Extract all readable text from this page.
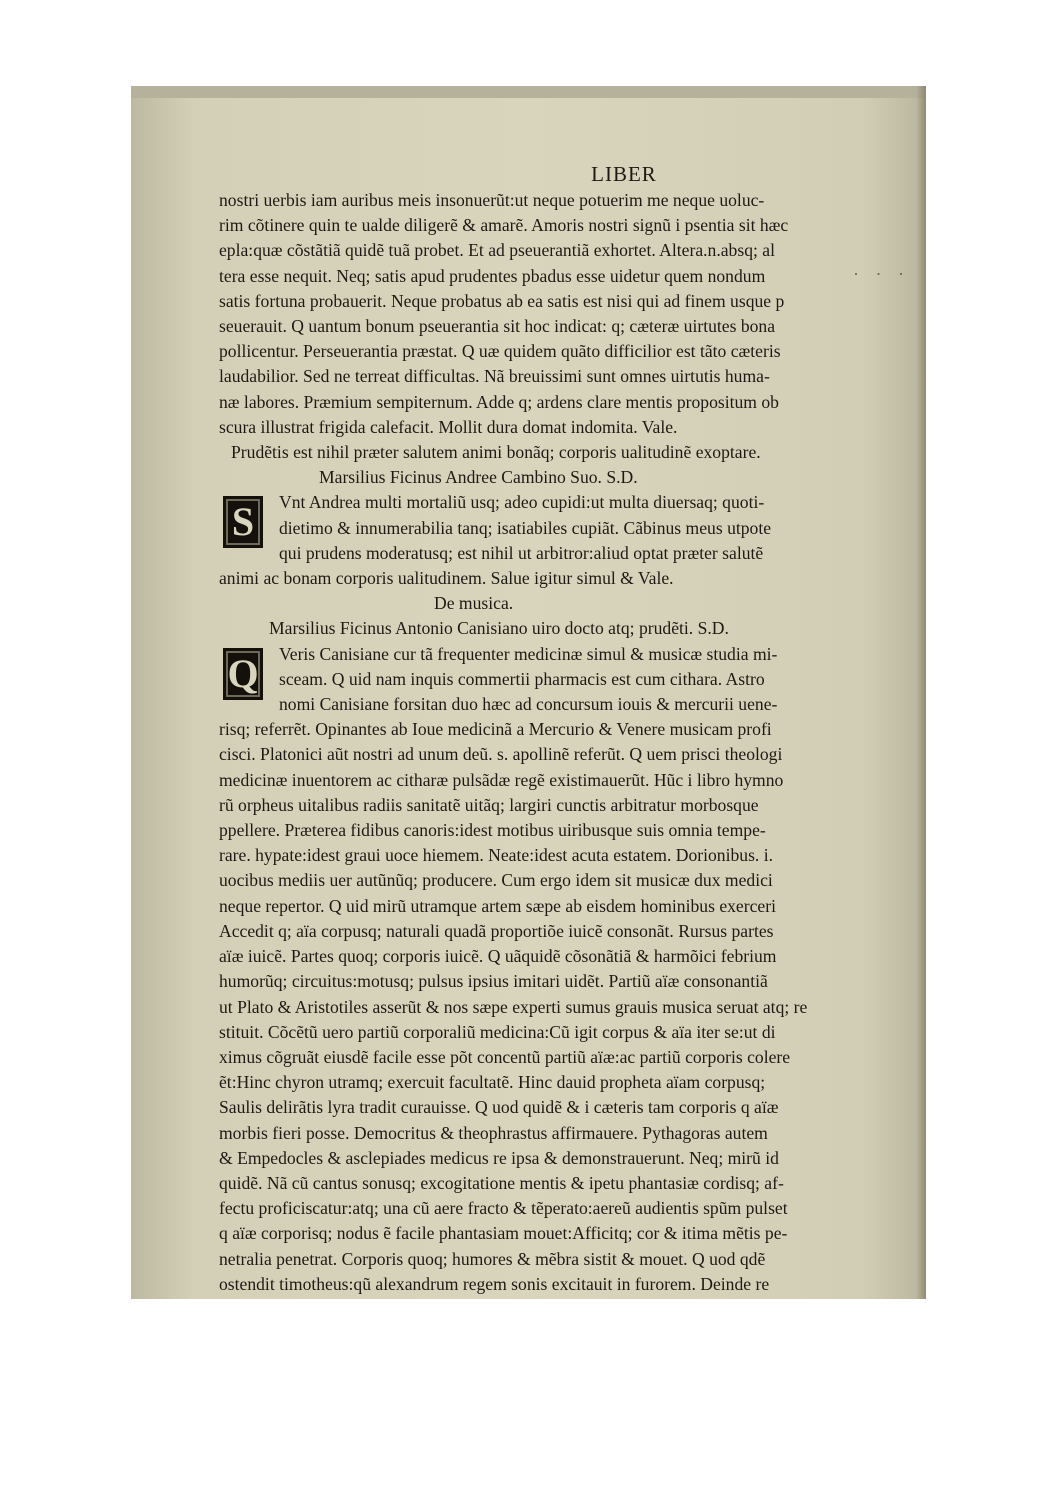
· · ·
LIBER
nostri uerbis iam auribus meis insonuerũt:ut neque potuerim me neque uoluc-
rim cõtinere quin te ualde diligerẽ & amarẽ. Amoris nostri signũ i psentia sit hæc
epla:quæ cõstãtiã quidẽ tuã probet. Et ad pseuerantiã exhortet. Altera.n.absq; al
tera esse nequit. Neq; satis apud prudentes pbadus esse uidetur quem nondum
satis fortuna probauerit. Neque probatus ab ea satis est nisi qui ad finem usque p
seuerauit. Q uantum bonum pseuerantia sit hoc indicat: q; cæteræ uirtutes bona
pollicentur. Perseuerantia præstat. Q uæ quidem quãto difficilior est tãto cæteris
laudabilior. Sed ne terreat difficultas. Nã breuissimi sunt omnes uirtutis huma-
næ labores. Præmium sempiternum. Adde q; ardens clare mentis propositum ob
scura illustrat frigida calefacit. Mollit dura domat indomita. Vale.
Prudẽtis est nihil præter salutem animi bonãq; corporis ualitudinẽ exoptare.
Marsilius Ficinus Andree Cambino Suo. S.D.
S	Vnt Andrea multi mortaliũ usq; adeo cupidi:ut multa diuersaq; quoti-
dietimo & innumerabilia tanq; isatiabiles cupiãt. Cãbinus meus utpote
qui prudens moderatusq; est nihil ut arbitror:aliud optat præter salutẽ
animi ac bonam corporis ualitudinem. Salue igitur simul & Vale.
De musica.
Marsilius Ficinus Antonio Canisiano uiro docto atq; prudẽti. S.D.
Q	Veris Canisiane cur tã frequenter medicinæ simul & musicæ studia mi-
sceam. Q uid nam inquis commertii pharmacis est cum cithara. Astro
nomi Canisiane forsitan duo hæc ad concursum iouis & mercurii uene-
risq; referrẽt. Opinantes ab Ioue medicinã a Mercurio & Venere musicam profi
cisci. Platonici aũt nostri ad unum deũ. s. apollinẽ referũt. Q uem prisci theologi
medicinæ inuentorem ac citharæ pulsãdæ regẽ existimauerũt. Hũc i libro hymno
rũ orpheus uitalibus radiis sanitatẽ uitãq; largiri cunctis arbitratur morbosque
ppellere. Præterea fidibus canoris:idest motibus uiribusque suis omnia tempe-
rare. hypate:idest graui uoce hiemem. Neate:idest acuta estatem. Dorionibus. i.
uocibus mediis uer autũnũq; producere. Cum ergo idem sit musicæ dux medici
neque repertor. Q uid mirũ utramque artem sæpe ab eisdem hominibus exerceri
Accedit q; aïa corpusq; naturali quadã proportiõe iuicẽ consonãt. Rursus partes
aïæ iuicẽ. Partes quoq; corporis iuicẽ. Q uãquidẽ cõsonãtiã & harmõici febrium
humorũq; circuitus:motusq; pulsus ipsius imitari uidẽt. Partiũ aïæ consonantiã
ut Plato & Aristotiles asserũt & nos sæpe experti sumus grauis musica seruat atq; re
stituit. Cõcẽtũ uero partiũ corporaliũ medicina:Cũ igit corpus & aïa iter se:ut di
ximus cõgruãt eiusdẽ facile esse põt concentũ partiũ aïæ:ac partiũ corporis colere
ẽt:Hinc chyron utramq; exercuit facultatẽ. Hinc dauid propheta aïam corpusq;
Saulis delirãtis lyra tradit curauisse. Q uod quidẽ & i cæteris tam corporis q aïæ
morbis fieri posse. Democritus & theophrastus affirmauere. Pythagoras autem
& Empedocles & asclepiades medicus re ipsa & demonstrauerunt. Neq; mirũ id
quidẽ. Nã cũ cantus sonusq; excogitatione mentis & ipetu phantasiæ cordisq; af-
fectu proficiscatur:atq; una cũ aere fracto & tẽperato:aereũ audientis spũm pulset
q aïæ corporisq; nodus ẽ facile phantasiam mouet:Afficitq; cor & itima mẽtis pe-
netralia penetrat. Corporis quoq; humores & mẽbra sistit & mouet. Q uod qdẽ
ostendit timotheus:qũ alexandrum regem sonis excitauit in furorem. Deinde re
